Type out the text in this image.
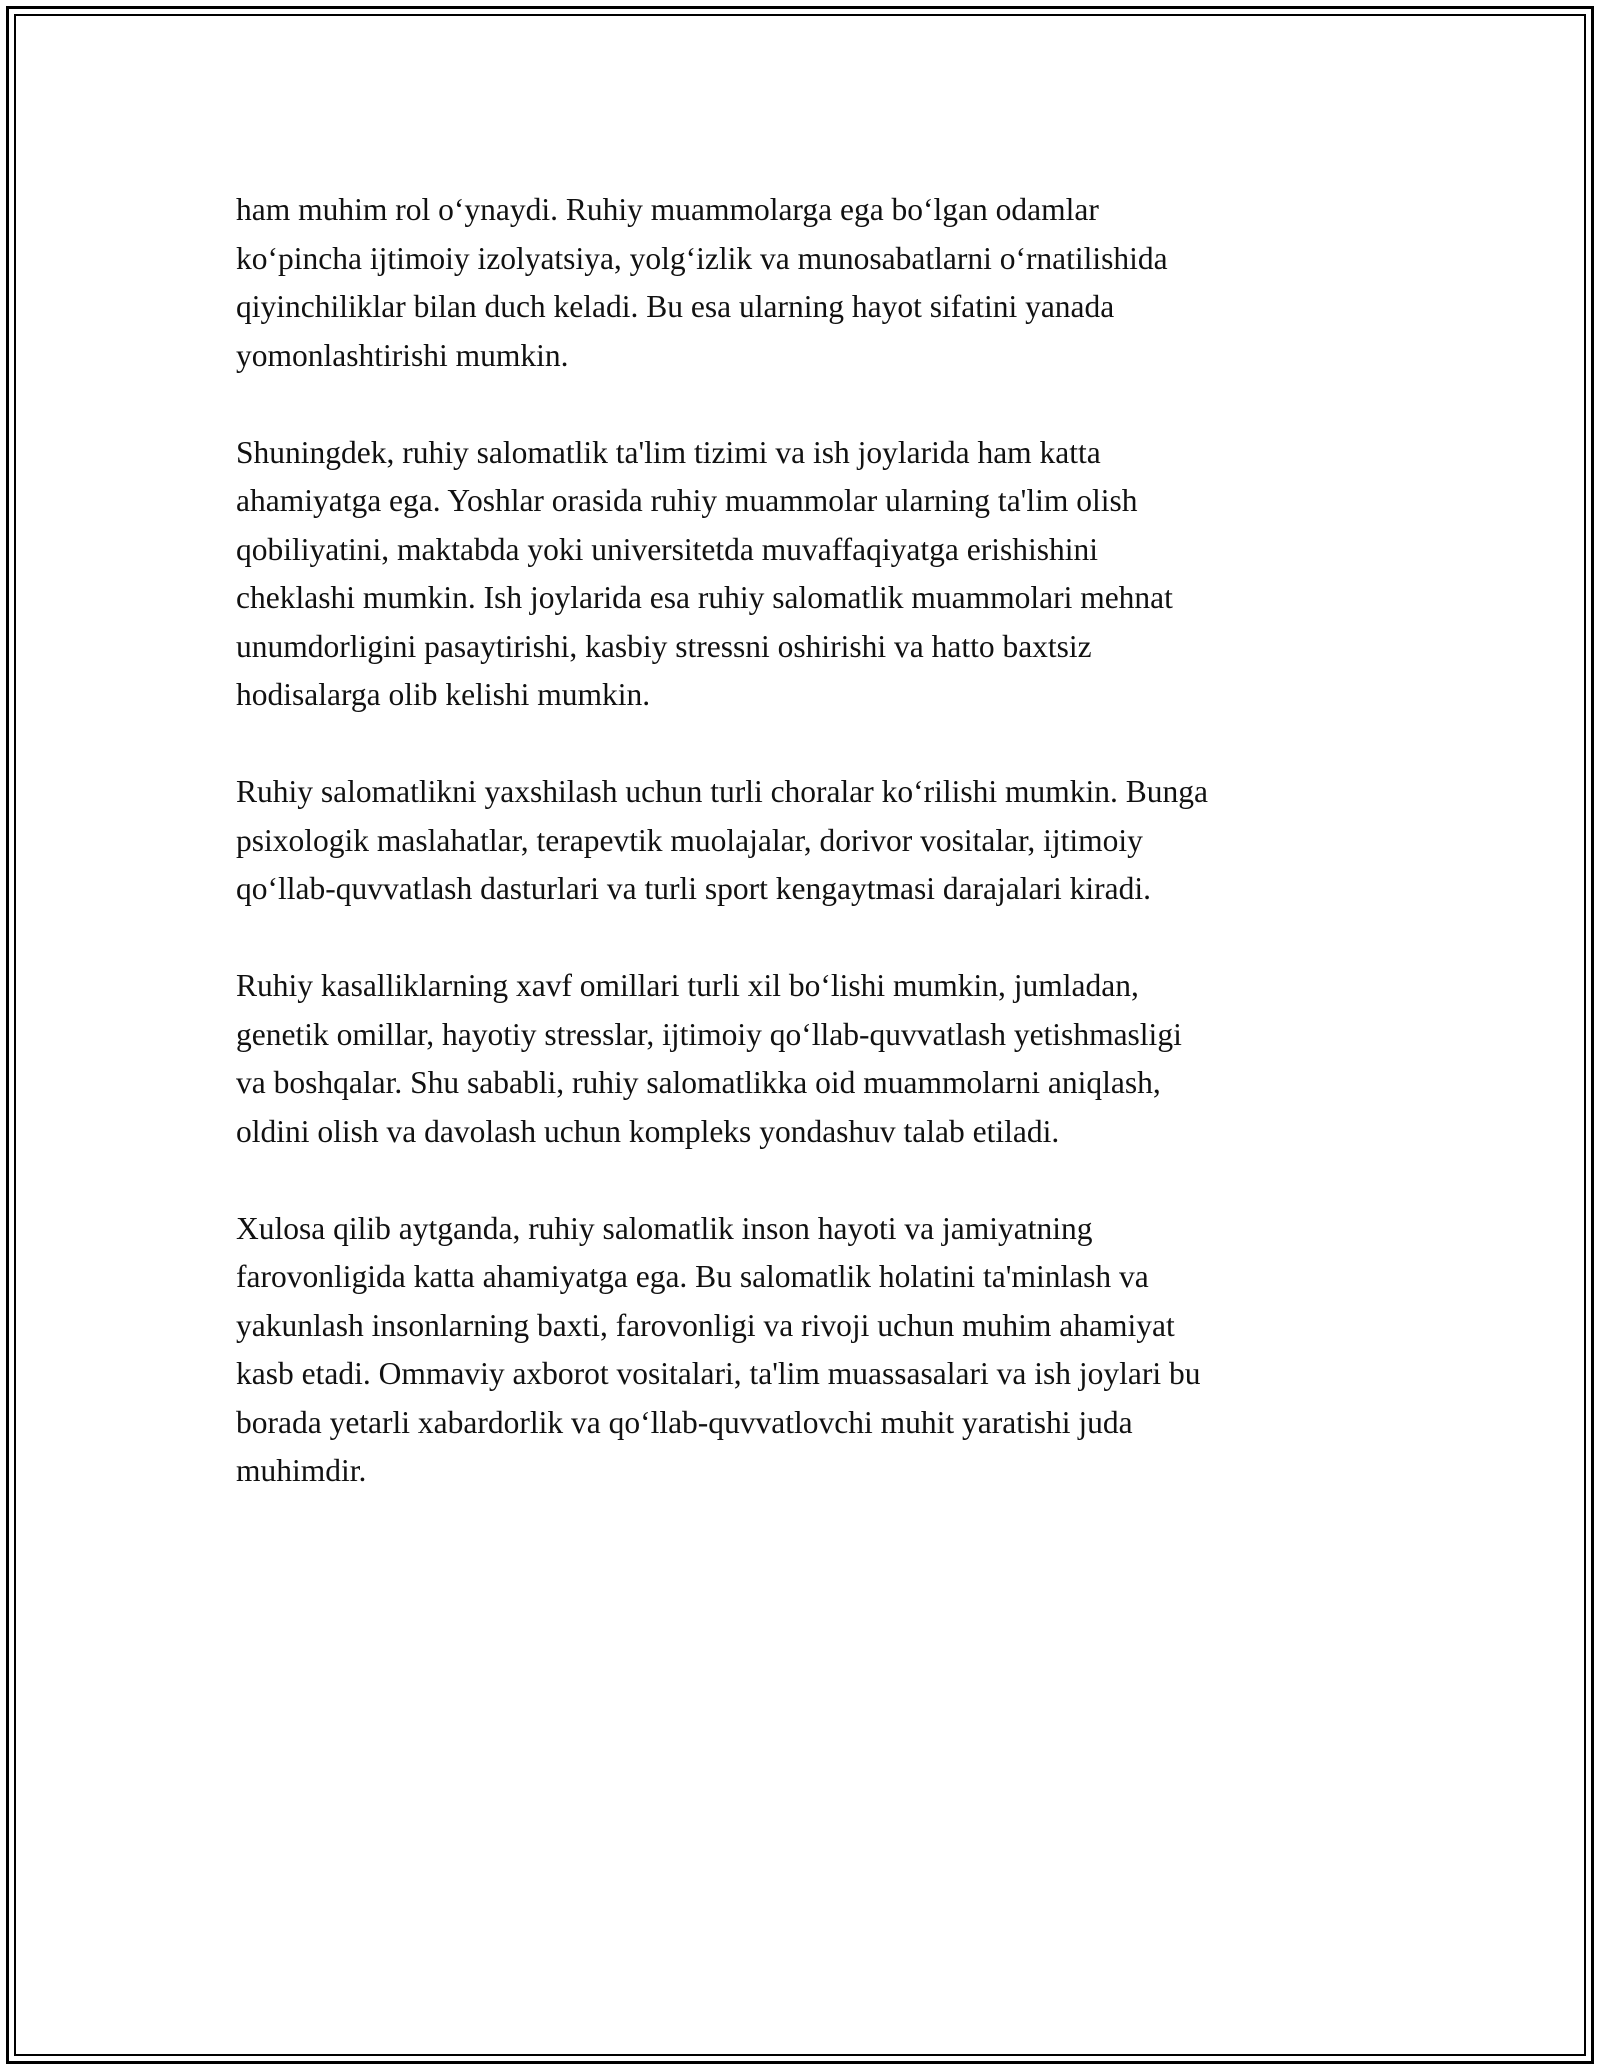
ham muhim rol o‘ynaydi. Ruhiy muammolarga ega bo‘lgan odamlar
ko‘pincha ijtimoiy izolyatsiya, yolg‘izlik va munosabatlarni o‘rnatilishida
qiyinchiliklar bilan duch keladi. Bu esa ularning hayot sifatini yanada
yomonlashtirishi mumkin.

Shuningdek, ruhiy salomatlik ta'lim tizimi va ish joylarida ham katta
ahamiyatga ega. Yoshlar orasida ruhiy muammolar ularning ta'lim olish
qobiliyatini, maktabda yoki universitetda muvaffaqiyatga erishishini
cheklashi mumkin. Ish joylarida esa ruhiy salomatlik muammolari mehnat
unumdorligini pasaytirishi, kasbiy stressni oshirishi va hatto baxtsiz
hodisalarga olib kelishi mumkin.

Ruhiy salomatlikni yaxshilash uchun turli choralar ko‘rilishi mumkin. Bunga
psixologik maslahatlar, terapevtik muolajalar, dorivor vositalar, ijtimoiy
qo‘llab-quvvatlash dasturlari va turli sport kengaytmasi darajalari kiradi.

Ruhiy kasalliklarning xavf omillari turli xil bo‘lishi mumkin, jumladan,
genetik omillar, hayotiy stresslar, ijtimoiy qo‘llab-quvvatlash yetishmasligi
va boshqalar. Shu sababli, ruhiy salomatlikka oid muammolarni aniqlash,
oldini olish va davolash uchun kompleks yondashuv talab etiladi.

Xulosa qilib aytganda, ruhiy salomatlik inson hayoti va jamiyatning
farovonligida katta ahamiyatga ega. Bu salomatlik holatini ta'minlash va
yakunlash insonlarning baxti, farovonligi va rivoji uchun muhim ahamiyat
kasb etadi. Ommaviy axborot vositalari, ta'lim muassasalari va ish joylari bu
borada yetarli xabardorlik va qo‘llab-quvvatlovchi muhit yaratishi juda
muhimdir.
